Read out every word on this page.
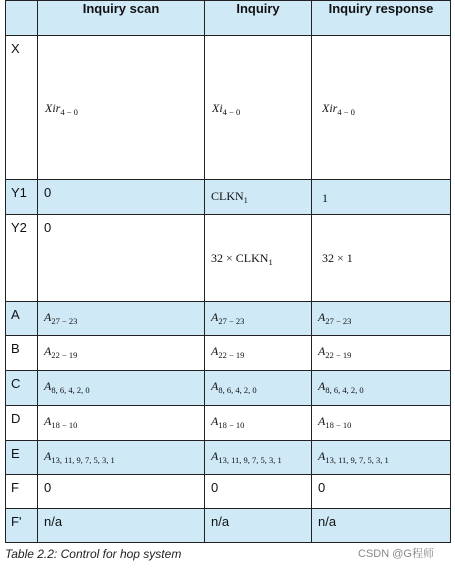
	Inquiry scan	Inquiry	Inquiry response
X	Xir$_{4 - 0}$	$Xi_{4 - 0}$	Xir$_{4 - 0}$
Y1	0	$CLKN_1$	1
Y2	0	$32 \times CLKN_1$	32 × 1
A	$A_{27 - 23}$	$A_{27 - 23}$	$A_{27 - 23}$
B	$A_{22 - 19}$	$A_{22 - 19}$	$A_{22 - 19}$
C	$A_{8, 6, 4, 2, 0}$	$A_{8, 6, 4, 2, 0}$	$A_{8, 6, 4, 2, 0}$
D	$A_{18 - 10}$	$A_{18 - 10}$	$A_{18 - 10}$
E	$A_{13, 11, 9, 7, 5, 3, 1}$	$A_{13, 11, 9, 7, 5, 3, 1}$	$A_{13, 11, 9, 7, 5, 3, 1}$
F	0	0	0
F'	n/a	n/a	n/a
Table 2.2: Control for hop system	CSDN @G程师
